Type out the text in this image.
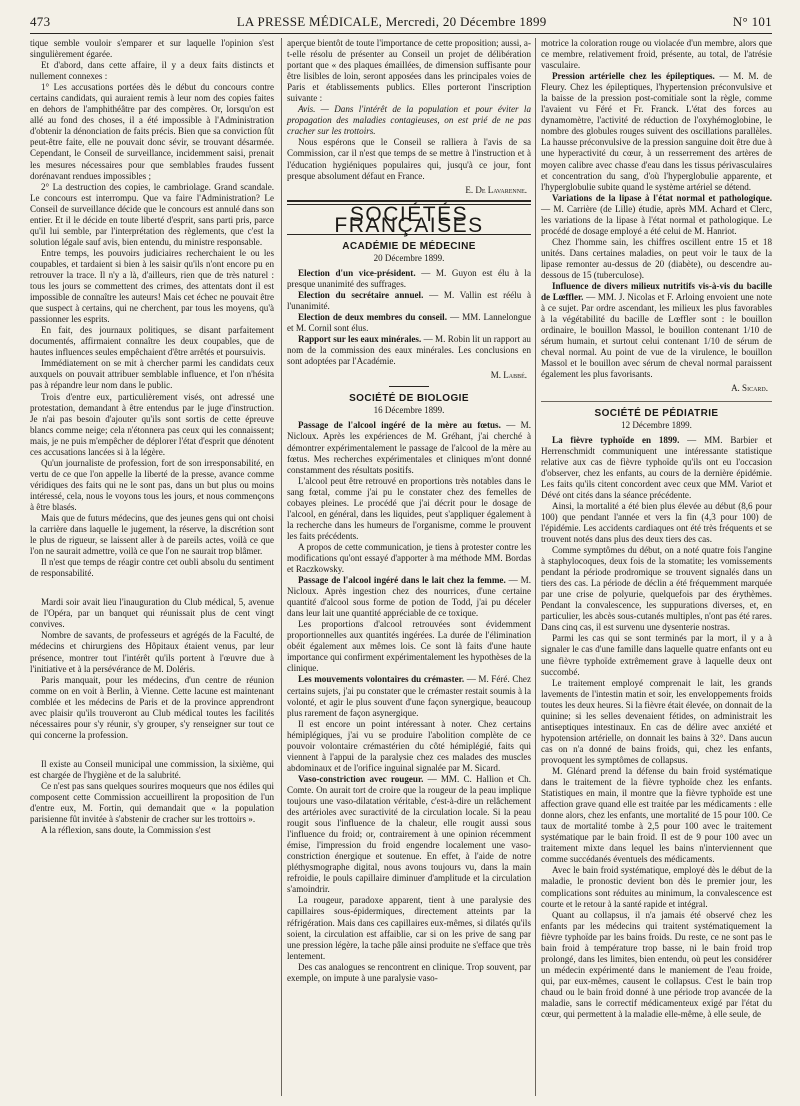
473	LA PRESSE MÉDICALE, Mercredi, 20 Décembre 1899	N° 101

tique semble vouloir s'emparer et sur laquelle l'opinion s'est singulièrement égarée.

Et d'abord, dans cette affaire, il y a deux faits distincts et nullement connexes :

1° Les accusations portées dès le début du concours contre certains candidats, qui auraient remis à leur nom des copies faites en dehors de l'amphithéâtre par des compères. Or, lorsqu'on est allé au fond des choses, il a été impossible à l'Administration d'obtenir la dénonciation de faits précis. Bien que sa conviction fût peut-être faite, elle ne pouvait donc sévir, se trouvant désarmée. Cependant, le Conseil de surveillance, incidemment saisi, prenait les mesures nécessaires pour que semblables fraudes fussent dorénavant rendues impossibles ;

2° La destruction des copies, le cambriolage. Grand scandale. Le concours est interrompu. Que va faire l'Administration? Le Conseil de surveillance décide que le concours est annulé dans son entier. Et il le décide en toute liberté d'esprit, sans parti pris, parce qu'il lui semble, par l'interprétation des règlements, que c'est la solution légale sauf avis, bien entendu, du ministre responsable.

Entre temps, les pouvoirs judiciaires recherchaient le ou les coupables, et tardaient si bien à les saisir qu'ils n'ont encore pu en retrouver la trace. Il n'y a là, d'ailleurs, rien que de très naturel : tous les jours se commettent des crimes, des attentats dont il est impossible de connaître les auteurs! Mais cet échec ne pouvait être que suspect à certains, qui ne cherchent, par tous les moyens, qu'à passionner les esprits.

En fait, des journaux politiques, se disant parfaitement documentés, affirmaient connaître les deux coupables, que de hautes influences seules empêchaient d'être arrêtés et poursuivis.

Immédiatement on se mit à chercher parmi les candidats ceux auxquels on pouvait attribuer semblable influence, et l'on n'hésita pas à répandre leur nom dans le public.

Trois d'entre eux, particulièrement visés, ont adressé une protestation, demandant à être entendus par le juge d'instruction. Je n'ai pas besoin d'ajouter qu'ils sont sortis de cette épreuve blancs comme neige; cela n'étonnera pas ceux qui les connaissent; mais, je ne puis m'empêcher de déplorer l'état d'esprit que dénotent ces accusations lancées si à la légère.

Qu'un journaliste de profession, fort de son irresponsabilité, en vertu de ce que l'on appelle la liberté de la presse, avance comme véridiques des faits qui ne le sont pas, dans un but plus ou moins intéressé, cela, nous le voyons tous les jours, et nous commençons à être blasés.

Mais que de futurs médecins, que des jeunes gens qui ont choisi la carrière dans laquelle le jugement, la réserve, la discrétion sont le plus de rigueur, se laissent aller à de pareils actes, voilà ce que l'on ne saurait admettre, voilà ce que l'on ne saurait trop blâmer.

Il n'est que temps de réagir contre cet oubli absolu du sentiment de responsabilité.

Mardi soir avait lieu l'inauguration du Club médical, 5, avenue de l'Opéra, par un banquet qui réunissait plus de cent vingt convives.

Nombre de savants, de professeurs et agrégés de la Faculté, de médecins et chirurgiens des Hôpitaux étaient venus, par leur présence, montrer tout l'intérêt qu'ils portent à l'œuvre due à l'initiative et à la persévérance de M. Doléris.

Paris manquait, pour les médecins, d'un centre de réunion comme on en voit à Berlin, à Vienne. Cette lacune est maintenant comblée et les médecins de Paris et de la province apprendront avec plaisir qu'ils trouveront au Club médical toutes les facilités nécessaires pour s'y réunir, s'y grouper, s'y renseigner sur tout ce qui concerne la profession.

Il existe au Conseil municipal une commission, la sixième, qui est chargée de l'hygiène et de la salubrité.

Ce n'est pas sans quelques sourires moqueurs que nos édiles qui composent cette Commission accueillirent la proposition de l'un d'entre eux, M. Fortin, qui demandait que « la population parisienne fût invitée à s'abstenir de cracher sur les trottoirs ».

A la réflexion, sans doute, la Commission s'est

aperçue bientôt de toute l'importance de cette proposition; aussi, a-t-elle résolu de présenter au Conseil un projet de délibération portant que « des plaques émaillées, de dimension suffisante pour être lisibles de loin, seront apposées dans les principales voies de Paris et établissements publics. Elles porteront l'inscription suivante :

Avis. — Dans l'intérêt de la population et pour éviter la propagation des maladies contagieuses, on est prié de ne pas cracher sur les trottoirs.

Nous espérons que le Conseil se ralliera à l'avis de sa Commission, car il n'est que temps de se mettre à l'instruction et à l'éducation hygiéniques populaires qui, jusqu'à ce jour, font presque absolument défaut en France.

E. De Lavarenne.
SOCIÉTÉS FRANÇAISES
ACADÉMIE DE MÉDECINE
20 Décembre 1899.

Election d'un vice-président. — M. Guyon est élu à la presque unanimité des suffrages.

Election du secrétaire annuel. — M. Vallin est réélu à l'unanimité.

Election de deux membres du conseil. — MM. Lannelongue et M. Cornil sont élus.

Rapport sur les eaux minérales. — M. Robin lit un rapport au nom de la commission des eaux minérales. Les conclusions en sont adoptées par l'Académie.

M. Labbé.
SOCIÉTÉ DE BIOLOGIE
16 Décembre 1899.

Passage de l'alcool ingéré de la mère au fœtus. — M. Nicloux. Après les expériences de M. Gréhant, j'ai cherché à démontrer expérimentalement le passage de l'alcool de la mère au fœtus. Mes recherches expérimentales et cliniques m'ont donné constamment des résultats positifs.

L'alcool peut être retrouvé en proportions très notables dans le sang fœtal, comme j'ai pu le constater chez des femelles de cobayes pleines. Le procédé que j'ai décrit pour le dosage de l'alcool, en général, dans les liquides, peut s'appliquer également à la recherche dans les humeurs de l'organisme, comme le prouvent les faits précédents.

A propos de cette communication, je tiens à protester contre les modifications qu'ont essayé d'apporter à ma méthode MM. Bordas et Raczkowsky.

Passage de l'alcool ingéré dans le lait chez la femme. — M. Nicloux. Après ingestion chez des nourrices, d'une certaine quantité d'alcool sous forme de potion de Todd, j'ai pu déceler dans leur lait une quantité appréciable de ce toxique.

Les proportions d'alcool retrouvées sont évidemment proportionnelles aux quantités ingérées. La durée de l'élimination obéit également aux mêmes lois. Ce sont là faits d'une haute importance qui confirment expérimentalement les hypothèses de la clinique.

Les mouvements volontaires du crémaster. — M. Féré. Chez certains sujets, j'ai pu constater que le crémaster restait soumis à la volonté, et agir le plus souvent d'une façon synergique, beaucoup plus rarement de façon asynergique.

Il est encore un point intéressant à noter. Chez certains hémiplégiques, j'ai vu se produire l'abolition complète de ce pouvoir volontaire crémastérien du côté hémiplégié, faits qui viennent à l'appui de la paralysie chez ces malades des muscles abdominaux et de l'orifice inguinal signalée par M. Sicard.

Vaso-constriction avec rougeur. — MM. C. Hallion et Ch. Comte. On aurait tort de croire que la rougeur de la peau implique toujours une vaso-dilatation véritable, c'est-à-dire un relâchement des artérioles avec suractivité de la circulation locale. Si la peau rougit sous l'influence de la chaleur, elle rougit aussi sous l'influence du froid; or, contrairement à une opinion récemment émise, l'impression du froid engendre localement une vaso-constriction énergique et soutenue. En effet, à l'aide de notre pléthysmographe digital, nous avons toujours vu, dans la main refroidie, le pouls capillaire diminuer d'amplitude et la circulation s'amoindrir.

La rougeur, paradoxe apparent, tient à une paralysie des capillaires sous-épidermiques, directement atteints par la réfrigération. Mais dans ces capillaires eux-mêmes, si dilatés qu'ils soient, la circulation est affaiblie, car si on les prive de sang par une pression légère, la tache pâle ainsi produite ne s'efface que très lentement.

Des cas analogues se rencontrent en clinique. Trop souvent, par exemple, on impute à une paralysie vaso-

motrice la coloration rouge ou violacée d'un membre, alors que ce membre, relativement froid, présente, au total, de l'atrésie vasculaire.

Pression artérielle chez les épileptiques. — M. M. de Fleury. Chez les épileptiques, l'hypertension préconvulsive et la baisse de la pression post-comitiale sont la règle, comme l'avaient vu Féré et Fr. Franck. L'état des forces au dynamomètre, l'activité de réduction de l'oxyhémoglobine, le nombre des globules rouges suivent des oscillations parallèles. La hausse préconvulsive de la pression sanguine doit être due à une hyperactivité du cœur, à un resserrement des artères de moyen calibre avec chasse d'eau dans les tissus périvasculaires et concentration du sang, d'où l'hyperglobulie apparente, et l'hyperglobulie subite quand le système artériel se détend.

Variations de la lipase à l'état normal et pathologique. — M. Carrière (de Lille) étudie, après MM. Achard et Clerc, les variations de la lipase à l'état normal et pathologique. Le procédé de dosage employé a été celui de M. Hanriot.

Chez l'homme sain, les chiffres oscillent entre 15 et 18 unités. Dans certaines maladies, on peut voir le taux de la lipase remonter au-dessus de 20 (diabète), ou descendre au-dessous de 15 (tuberculose).

Influence de divers milieux nutritifs vis-à-vis du bacille de Lœffler. — MM. J. Nicolas et F. Arloing envoient une note à ce sujet. Par ordre ascendant, les milieux les plus favorables à la végétabilité du bacille de Lœffler sont : le bouillon ordinaire, le bouillon Massol, le bouillon contenant 1/10 de sérum humain, et surtout celui contenant 1/10 de sérum de cheval normal. Au point de vue de la virulence, le bouillon Massol et le bouillon avec sérum de cheval normal paraissent également les plus favorisants.

A. Sicard.
SOCIÉTÉ DE PÉDIATRIE
12 Décembre 1899.

La fièvre typhoïde en 1899. — MM. Barbier et Herrenschmidt communiquent une intéressante statistique relative aux cas de fièvre typhoïde qu'ils ont eu l'occasion d'observer, chez les enfants, au cours de la dernière épidémie. Les faits qu'ils citent concordent avec ceux que MM. Variot et Dévé ont cités dans la séance précédente.

Ainsi, la mortalité a été bien plus élevée au début (8,6 pour 100) que pendant l'année et vers la fin (4,3 pour 100) de l'épidémie. Les accidents cardiaques ont été très fréquents et se trouvent notés dans plus des deux tiers des cas.

Comme symptômes du début, on a noté quatre fois l'angine à staphylocoques, deux fois de la stomatite; les vomissements pendant la période prodromique se trouvent signalés dans un tiers des cas. La période de déclin a été fréquemment marquée par une crise de polyurie, quelquefois par des érythèmes. Pendant la convalescence, les suppurations diverses, et, en particulier, les abcès sous-cutanés multiples, n'ont pas été rares. Dans cinq cas, il est survenu une dysenterie nostras.

Parmi les cas qui se sont terminés par la mort, il y a à signaler le cas d'une famille dans laquelle quatre enfants ont eu une fièvre typhoïde extrêmement grave à laquelle deux ont succombé.

Le traitement employé comprenait le lait, les grands lavements de l'intestin matin et soir, les enveloppements froids toutes les deux heures. Si la fièvre était élevée, on donnait de la quinine; si les selles devenaient fétides, on administrait les antiseptiques intestinaux. En cas de délire avec anxiété et hypotension artérielle, on donnait les bains à 32°. Dans aucun cas on n'a donné de bains froids, qui, chez les enfants, provoquent les symptômes de collapsus.

M. Glénard prend la défense du bain froid systématique dans le traitement de la fièvre typhoïde chez les enfants. Statistiques en main, il montre que la fièvre typhoïde est une affection grave quand elle est traitée par les médicaments : elle donne alors, chez les enfants, une mortalité de 15 pour 100. Ce taux de mortalité tombe à 2,5 pour 100 avec le traitement systématique par le bain froid. Il est de 9 pour 100 avec un traitement mixte dans lequel les bains n'interviennent que comme succédanés éventuels des médicaments.

Avec le bain froid systématique, employé dès le début de la maladie, le pronostic devient bon dès le premier jour, les complications sont réduites au minimum, la convalescence est courte et le retour à la santé rapide et intégral.

Quant au collapsus, il n'a jamais été observé chez les enfants par les médecins qui traitent systématiquement la fièvre typhoïde par les bains froids. Du reste, ce ne sont pas le bain froid à température trop basse, ni le bain froid trop prolongé, dans les limites, bien entendu, où peut les considérer un médecin expérimenté dans le maniement de l'eau froide, qui, par eux-mêmes, causent le collapsus. C'est le bain trop chaud ou le bain froid donné à une période trop avancée de la maladie, sans le correctif médicamenteux exigé par l'état du cœur, qui permettent à la maladie elle-même, à elle seule, de
